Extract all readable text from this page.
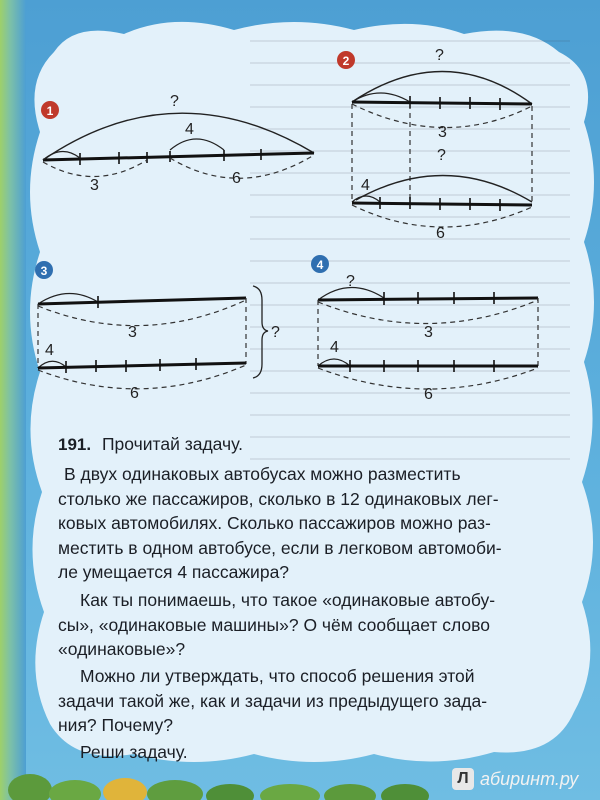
1
?
4
3	6
2	?
3
?
4
6
3
3
4
6
?
4
?
3
4
6
191. Прочитай задачу.
В двух одинаковых автобусах можно разместить
столько же пассажиров, сколько в 12 одинаковых лег-
ковых автомобилях. Сколько пассажиров можно раз-
местить в одном автобусе, если в легковом автомоби-
ле умещается 4 пассажира?
Как ты понимаешь, что такое «одинаковые автобу-
сы», «одинаковые машины»? О чём сообщает слово
«одинаковые»?
Можно ли утверждать, что способ решения этой
задачи такой же, как и задачи из предыдущего зада-
ния? Почему?
Реши задачу.
Л абиринт.ру
